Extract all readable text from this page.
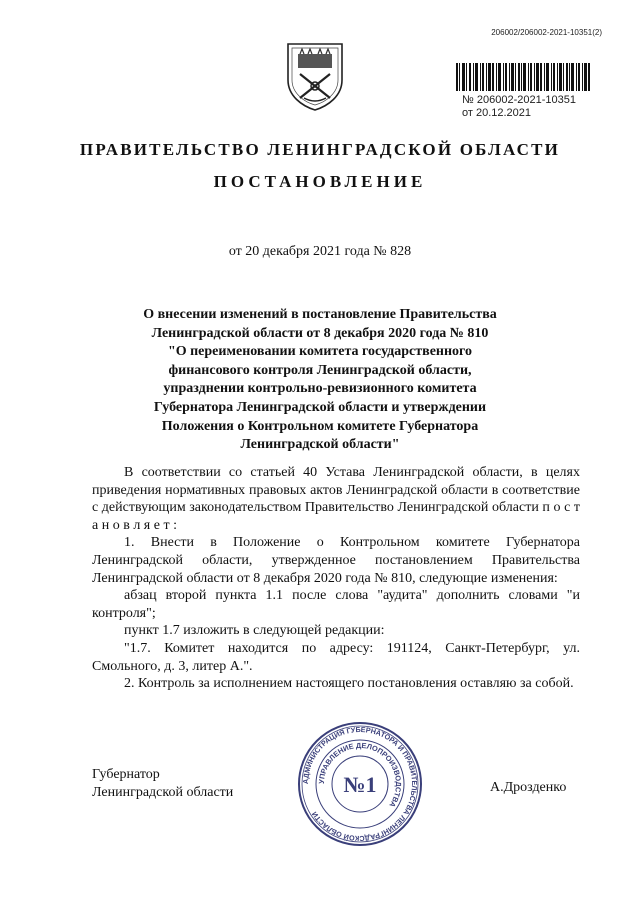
206002/206002-2021-10351(2)
№ 206002-2021-10351
от 20.12.2021
ПРАВИТЕЛЬСТВО ЛЕНИНГРАДСКОЙ ОБЛАСТИ
ПОСТАНОВЛЕНИЕ
от 20 декабря 2021 года № 828
О внесении изменений в постановление Правительства
Ленинградской области от 8 декабря 2020 года № 810
"О переименовании комитета государственного
финансового контроля Ленинградской области,
упразднении контрольно-ревизионного комитета
Губернатора Ленинградской области и утверждении
Положения о Контрольном комитете Губернатора
Ленинградской области"

В соответствии со статьей 40 Устава Ленинградской области, в целях приведения нормативных правовых актов Ленинградской области в соответствие с действующим законодательством Правительство Ленинградской области п о с т а н о в л я е т :

1. Внести в Положение о Контрольном комитете Губернатора Ленинградской области, утвержденное постановлением Правительства Ленинградской области от 8 декабря 2020 года № 810, следующие изменения:

абзац второй пункта 1.1 после слова "аудита" дополнить словами "и контроля";

пункт 1.7 изложить в следующей редакции:

"1.7. Комитет находится по адресу: 191124, Санкт-Петербург, ул. Смольного, д. 3, литер А.".

2. Контроль за исполнением настоящего постановления оставляю за собой.

Губернатор
Ленинградской области
АДМИНИСТРАЦИЯ ГУБЕРНАТОРА И ПРАВИТЕЛЬСТВА ЛЕНИНГРАДСКОЙ ОБЛАСТИ
УПРАВЛЕНИЕ ДЕЛОПРОИЗВОДСТВА
№1	А.Дрозденко
